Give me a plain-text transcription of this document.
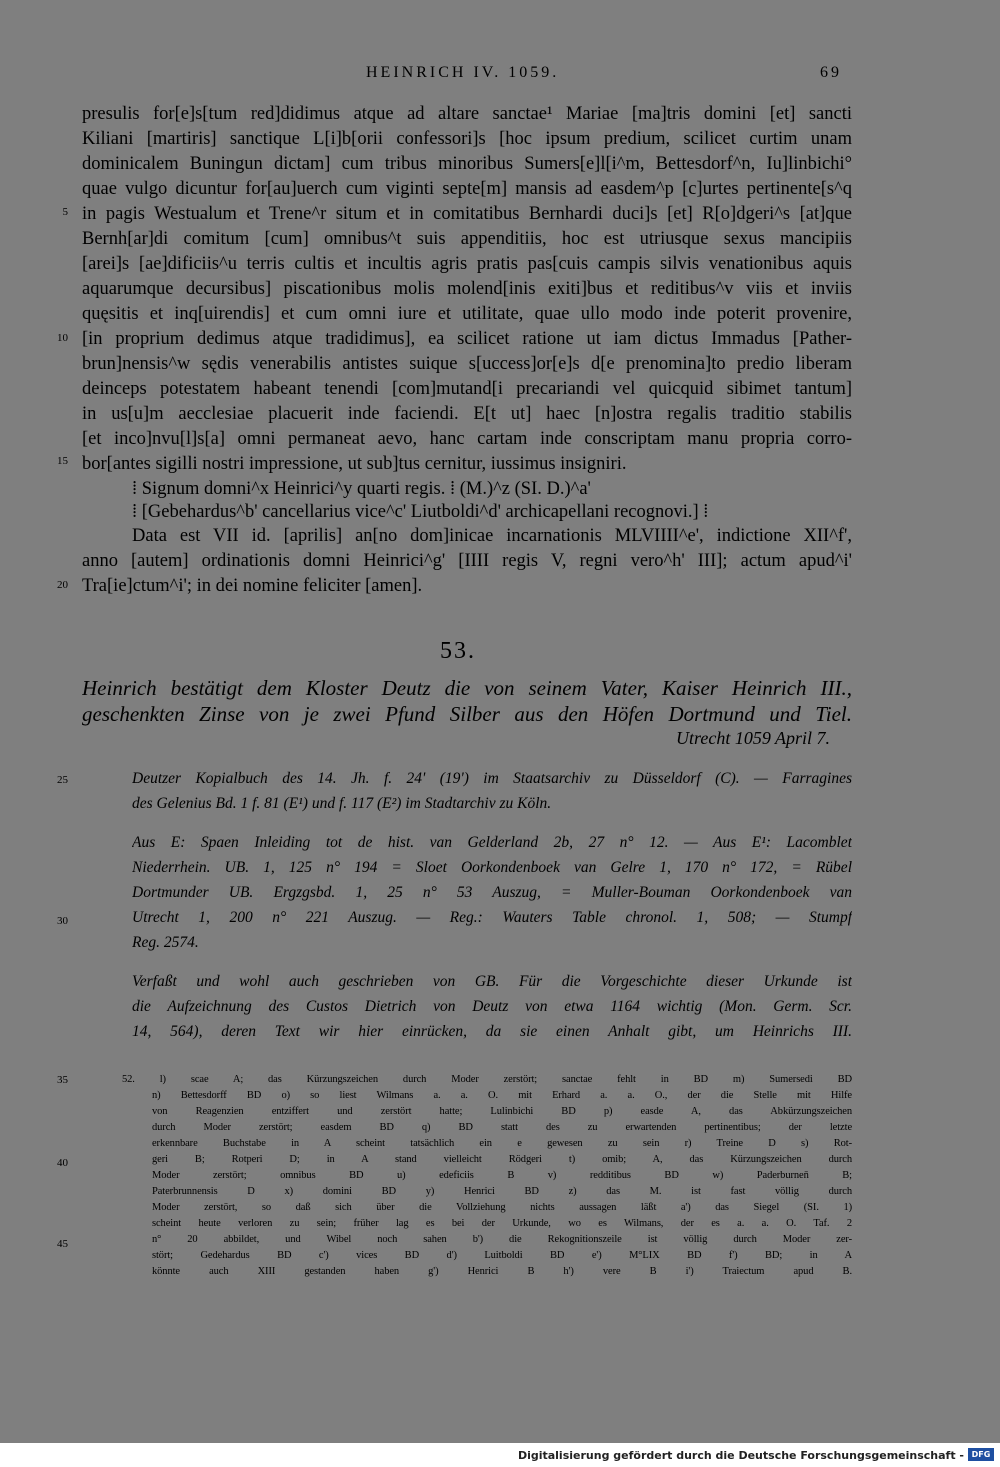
HEINRICH IV. 1059.	69
5
10
15
20
25
30
35
40
45
presulis for[e]s[tum red]didimus atque ad altare sanctae¹ Mariae [ma]tris domini [et] sancti
Kiliani [martiris] sanctique L[i]b[orii confessori]s [hoc ipsum predium, scilicet curtim unam
dominicalem Buningun dictam] cum tribus minoribus Sumers[e]l[i^m, Bettesdorf^n, Iu]linbichi°
quae vulgo dicuntur for[au]uerch cum viginti septe[m] mansis ad easdem^p [c]urtes pertinente[s^q
in pagis Westualum et Trene^r situm et in comitatibus Bernhardi duci]s [et] R[o]dgeri^s [at]que
Bernh[ar]di comitum [cum] omnibus^t suis appenditiis, hoc est utriusque sexus mancipiis
[arei]s [ae]dificiis^u terris cultis et incultis agris pratis pas[cuis campis silvis venationibus aquis
aquarumque decursibus] piscationibus molis molend[inis exiti]bus et reditibus^v viis et inviis
quęsitis et inq[uirendis] et cum omni iure et utilitate, quae ullo modo inde poterit provenire,
[in proprium dedimus atque tradidimus], ea scilicet ratione ut iam dictus Immadus [Pather-
brun]nensis^w sędis venerabilis antistes suique s[uccess]or[e]s d[e prenomina]to predio liberam
deinceps potestatem habeant tenendi [com]mutand[i precariandi vel quicquid sibimet tantum]
in us[u]m aecclesiae placuerit inde faciendi. E[t ut] haec [n]ostra regalis traditio stabilis
[et inco]nvu[l]s[a] omni permaneat aevo, hanc cartam inde conscriptam manu propria corro-
bor[antes sigilli nostri impressione, ut sub]tus cernitur, iussimus insigniri.
⁞ Signum domni^x Heinrici^y quarti regis. ⁞ (M.)^z (SI. D.)^a'
⁞ [Gebehardus^b' cancellarius vice^c' Liutboldi^d' archicapellani recognovi.] ⁞
Data est VII id. [aprilis] an[no dom]inicae incarnationis MLVIIII^e', indictione XII^f',
anno [autem] ordinationis domni Heinrici^g' [IIII regis V, regni vero^h' III]; actum apud^i'
Tra[ie]ctum^i'; in dei nomine feliciter [amen].
53.
Heinrich bestätigt dem Kloster Deutz die von seinem Vater, Kaiser Heinrich III.,
geschenkten Zinse von je zwei Pfund Silber aus den Höfen Dortmund und Tiel.
Utrecht 1059 April 7.
Deutzer Kopialbuch des 14. Jh. f. 24' (19') im Staatsarchiv zu Düsseldorf (C). — Farragines
des Gelenius Bd. 1 f. 81 (E¹) und f. 117 (E²) im Stadtarchiv zu Köln.
Aus E: Spaen Inleiding tot de hist. van Gelderland 2b, 27 n° 12. — Aus E¹: Lacomblet
Niederrhein. UB. 1, 125 n° 194 = Sloet Oorkondenboek van Gelre 1, 170 n° 172, = Rübel
Dortmunder UB. Ergzgsbd. 1, 25 n° 53 Auszug, = Muller-Bouman Oorkondenboek van
Utrecht 1, 200 n° 221 Auszug. — Reg.: Wauters Table chronol. 1, 508; — Stumpf
Reg. 2574.
Verfaßt und wohl auch geschrieben von GB. Für die Vorgeschichte dieser Urkunde ist
die Aufzeichnung des Custos Dietrich von Deutz von etwa 1164 wichtig (Mon. Germ. Scr.
14, 564), deren Text wir hier einrücken, da sie einen Anhalt gibt, um Heinrichs III.
52. l) scae A; das Kürzungszeichen durch Moder zerstört; sanctae fehlt in BD m) Sumersedi BD
n) Bettesdorff BD o) so liest Wilmans a. a. O. mit Erhard a. a. O., der die Stelle mit Hilfe
von Reagenzien entziffert und zerstört hatte; Lulinbichi BD p) easde A, das Abkürzungszeichen
durch Moder zerstört; easdem BD q) BD statt des zu erwartenden pertinentibus; der letzte
erkennbare Buchstabe in A scheint tatsächlich ein e gewesen zu sein r) Treine D s) Rot-
geri B; Rotperi D; in A stand vielleicht Rödgeri t) omib; A, das Kürzungszeichen durch
Moder zerstört; omnibus BD u) edeficiis B v) redditibus BD w) Paderburnen̄ B;
Paterbrunnensis D x) domini BD y) Henrici BD z) das M. ist fast völlig durch
Moder zerstört, so daß sich über die Vollziehung nichts aussagen läßt a') das Siegel (SI. 1)
scheint heute verloren zu sein; früher lag es bei der Urkunde, wo es Wilmans, der es a. a. O. Taf. 2
n° 20 abbildet, und Wibel noch sahen b') die Rekognitionszeile ist völlig durch Moder zer-
stört; Gedehardus BD c') vices BD d') Luitboldi BD e') M°LIX BD f') BD; in A
könnte auch XIII gestanden haben g') Henrici B h') vere B i') Traiectum apud B.
Digitalisierung gefördert durch die Deutsche Forschungsgemeinschaft - DFG
